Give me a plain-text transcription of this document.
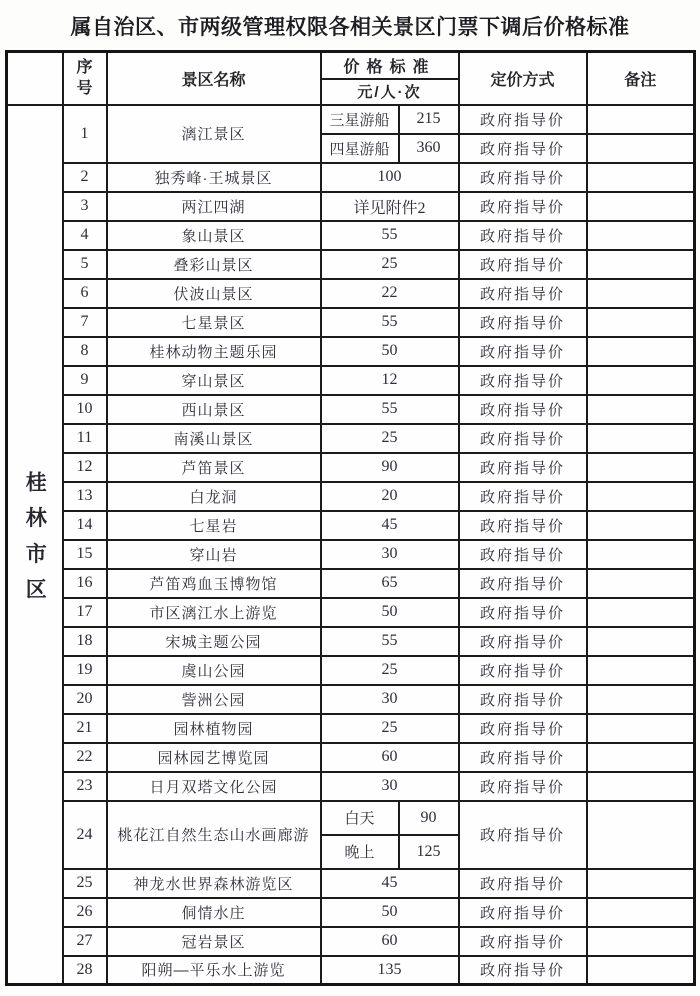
属自治区、市两级管理权限各相关景区门票下调后价格标准
	序号	景区名称	价格标准		定价方式	备注
			元/人·次			
桂林市区	1	漓江景区	三星游船	215	政府指导价	
			四星游船	360	政府指导价	
	2	独秀峰·王城景区	100		政府指导价	
	3	两江四湖	详见附件2		政府指导价	
	4	象山景区	55		政府指导价	
	5	叠彩山景区	25		政府指导价	
	6	伏波山景区	22		政府指导价	
	7	七星景区	55		政府指导价	
	8	桂林动物主题乐园	50		政府指导价	
	9	穿山景区	12		政府指导价	
	10	西山景区	55		政府指导价	
	11	南溪山景区	25		政府指导价	
	12	芦笛景区	90		政府指导价	
	13	白龙洞	20		政府指导价	
	14	七星岩	45		政府指导价	
	15	穿山岩	30		政府指导价	
	16	芦笛鸡血玉博物馆	65		政府指导价	
	17	市区漓江水上游览	50		政府指导价	
	18	宋城主题公园	55		政府指导价	
	19	虞山公园	25		政府指导价	
	20	訾洲公园	30		政府指导价	
	21	园林植物园	25		政府指导价	
	22	园林园艺博览园	60		政府指导价	
	23	日月双塔文化公园	30		政府指导价	
	24	桃花江自然生态山水画廊游	白天	90	政府指导价	
			晚上	125		
	25	神龙水世界森林游览区	45		政府指导价	
	26	侗情水庄	50		政府指导价	
	27	冠岩景区	60		政府指导价	
	28	阳朔—平乐水上游览	135		政府指导价	
